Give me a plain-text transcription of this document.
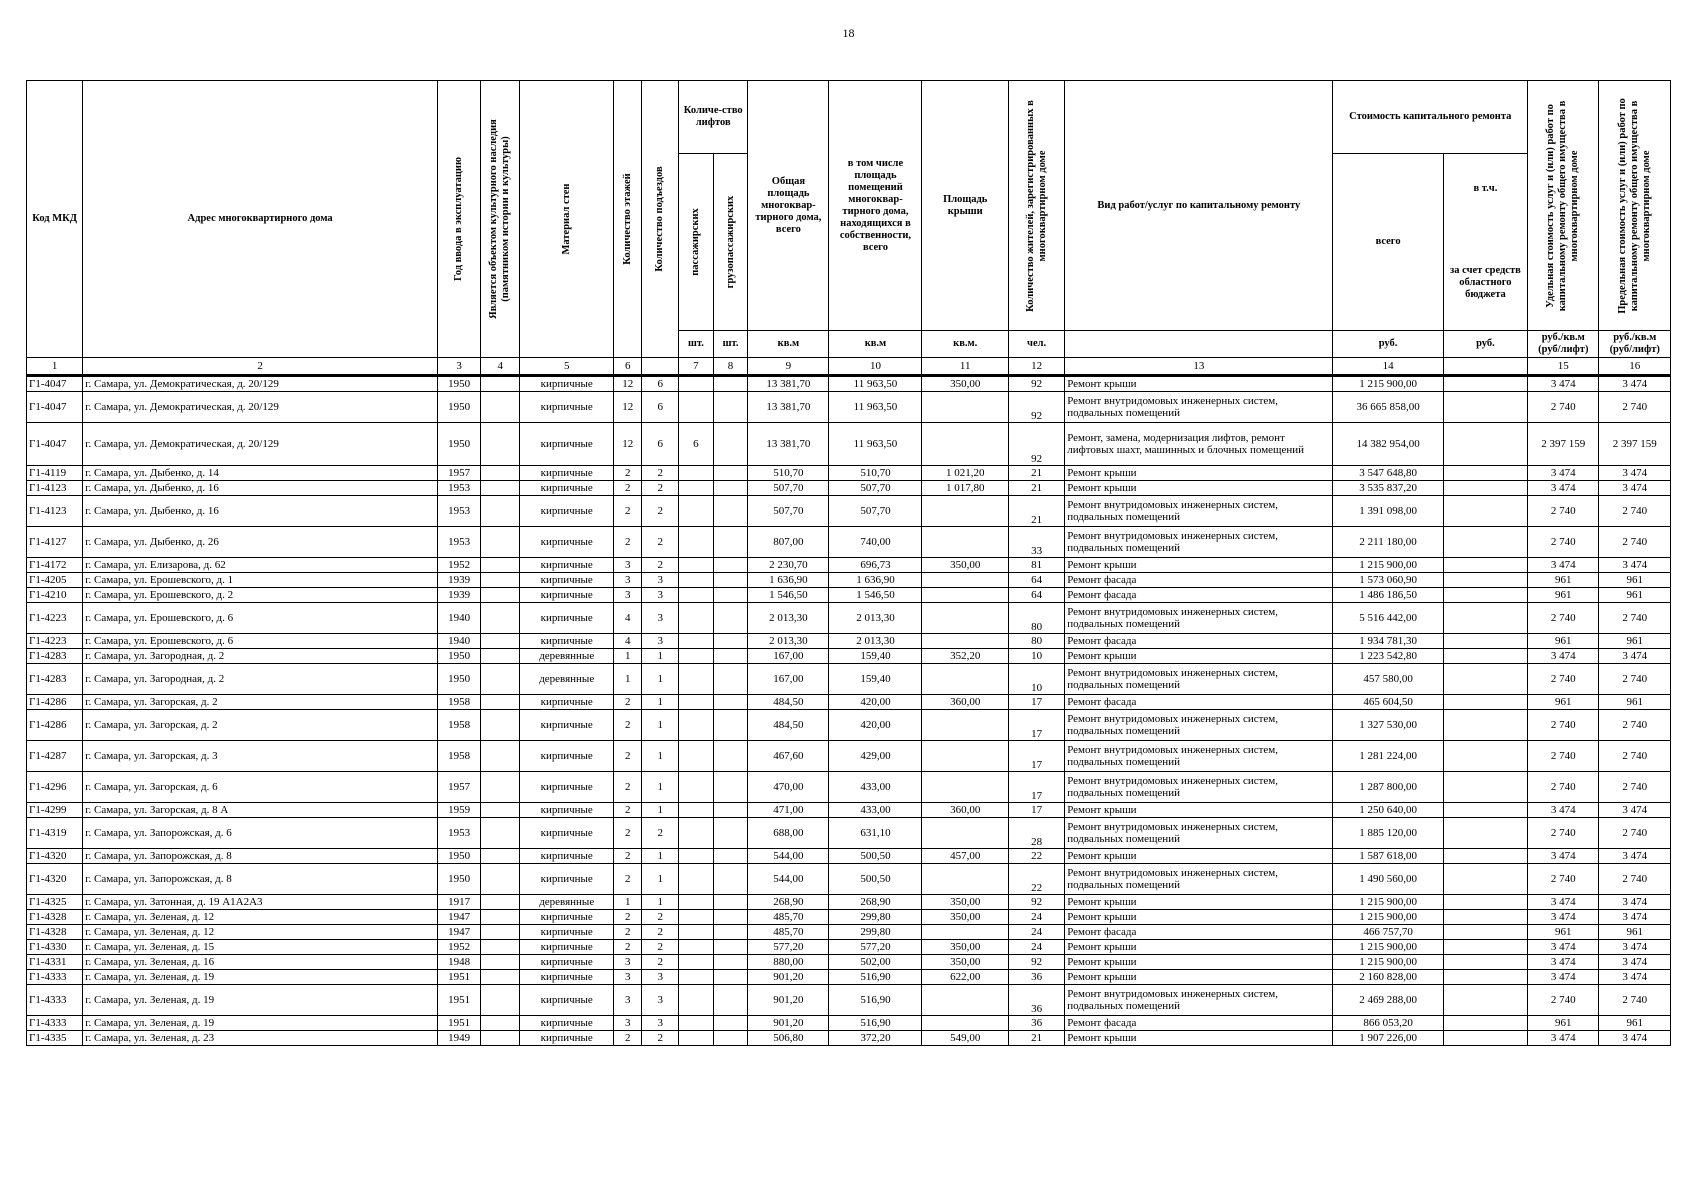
18
Код МКД	Адрес многоквартирного дома	Год ввода в эксплуатацию	Является объектом культурного наследия (памятником истории и культуры)	Материал стен	Количество этажей	Количество подъездов	Количе-ство лифтов		Общая площадь многоквар-тирного дома, всего	в том числе площадь помещений многоквар-тирного дома, находящихся в собственности, всего	Площадь крыши	Количество жителей, зарегистрированных в многоквартирном доме	Вид работ/услуг по капитальному ремонту	Стоимость капитального ремонта		Удельная стоимость услуг и (или) работ по капитальному ремонту общего имущества в многоквартирном доме	Предельная стоимость услуг и (или) работ по капитальному ремонту общего имущества в многоквартирном доме

							пассажирских	грузопассажирских						всего	в т.ч.
за счет средств областного бюджета		

							шт.	шт.	кв.м	кв.м	кв.м.	чел.		руб.	руб.	руб./кв.м (руб/лифт)	руб./кв.м (руб/лифт)
1	2	3	4	5	6		7	8	9	10	11	12	13	14		15	16
Г1-4047	г. Самара, ул. Демократическая, д. 20/129	1950		кирпичные	12	6			13 381,70	11 963,50	350,00	92	Ремонт крыши	1 215 900,00		3 474	3 474
Г1-4047	г. Самара, ул. Демократическая, д. 20/129	1950		кирпичные	12	6			13 381,70	11 963,50		92	Ремонт внутридомовых инженерных систем, подвальных помещений	36 665 858,00		2 740	2 740
Г1-4047	г. Самара, ул. Демократическая, д. 20/129	1950		кирпичные	12	6	6		13 381,70	11 963,50		92	Ремонт, замена, модернизация лифтов, ремонт лифтовых шахт, машинных и блочных помещений	14 382 954,00		2 397 159	2 397 159
Г1-4119	г. Самара, ул. Дыбенко, д. 14	1957		кирпичные	2	2			510,70	510,70	1 021,20	21	Ремонт крыши	3 547 648,80		3 474	3 474
Г1-4123	г. Самара, ул. Дыбенко, д. 16	1953		кирпичные	2	2			507,70	507,70	1 017,80	21	Ремонт крыши	3 535 837,20		3 474	3 474
Г1-4123	г. Самара, ул. Дыбенко, д. 16	1953		кирпичные	2	2			507,70	507,70		21	Ремонт внутридомовых инженерных систем, подвальных помещений	1 391 098,00		2 740	2 740
Г1-4127	г. Самара, ул. Дыбенко, д. 26	1953		кирпичные	2	2			807,00	740,00		33	Ремонт внутридомовых инженерных систем, подвальных помещений	2 211 180,00		2 740	2 740
Г1-4172	г. Самара, ул. Елизарова, д. 62	1952		кирпичные	3	2			2 230,70	696,73	350,00	81	Ремонт крыши	1 215 900,00		3 474	3 474
Г1-4205	г. Самара, ул. Ерошевского, д. 1	1939		кирпичные	3	3			1 636,90	1 636,90		64	Ремонт фасада	1 573 060,90		961	961
Г1-4210	г. Самара, ул. Ерошевского, д. 2	1939		кирпичные	3	3			1 546,50	1 546,50		64	Ремонт фасада	1 486 186,50		961	961
Г1-4223	г. Самара, ул. Ерошевского, д. 6	1940		кирпичные	4	3			2 013,30	2 013,30		80	Ремонт внутридомовых инженерных систем, подвальных помещений	5 516 442,00		2 740	2 740
Г1-4223	г. Самара, ул. Ерошевского, д. 6	1940		кирпичные	4	3			2 013,30	2 013,30		80	Ремонт фасада	1 934 781,30		961	961
Г1-4283	г. Самара, ул. Загородная, д. 2	1950		деревянные	1	1			167,00	159,40	352,20	10	Ремонт крыши	1 223 542,80		3 474	3 474
Г1-4283	г. Самара, ул. Загородная, д. 2	1950		деревянные	1	1			167,00	159,40		10	Ремонт внутридомовых инженерных систем, подвальных помещений	457 580,00		2 740	2 740
Г1-4286	г. Самара, ул. Загорская, д. 2	1958		кирпичные	2	1			484,50	420,00	360,00	17	Ремонт фасада	465 604,50		961	961
Г1-4286	г. Самара, ул. Загорская, д. 2	1958		кирпичные	2	1			484,50	420,00		17	Ремонт внутридомовых инженерных систем, подвальных помещений	1 327 530,00		2 740	2 740
Г1-4287	г. Самара, ул. Загорская, д. 3	1958		кирпичные	2	1			467,60	429,00		17	Ремонт внутридомовых инженерных систем, подвальных помещений	1 281 224,00		2 740	2 740
Г1-4296	г. Самара, ул. Загорская, д. 6	1957		кирпичные	2	1			470,00	433,00		17	Ремонт внутридомовых инженерных систем, подвальных помещений	1 287 800,00		2 740	2 740
Г1-4299	г. Самара, ул. Загорская, д. 8 А	1959		кирпичные	2	1			471,00	433,00	360,00	17	Ремонт крыши	1 250 640,00		3 474	3 474
Г1-4319	г. Самара, ул. Запорожская, д. 6	1953		кирпичные	2	2			688,00	631,10		28	Ремонт внутридомовых инженерных систем, подвальных помещений	1 885 120,00		2 740	2 740
Г1-4320	г. Самара, ул. Запорожская, д. 8	1950		кирпичные	2	1			544,00	500,50	457,00	22	Ремонт крыши	1 587 618,00		3 474	3 474
Г1-4320	г. Самара, ул. Запорожская, д. 8	1950		кирпичные	2	1			544,00	500,50		22	Ремонт внутридомовых инженерных систем, подвальных помещений	1 490 560,00		2 740	2 740
Г1-4325	г. Самара, ул. Затонная, д. 19 А1А2А3	1917		деревянные	1	1			268,90	268,90	350,00	92	Ремонт крыши	1 215 900,00		3 474	3 474
Г1-4328	г. Самара, ул. Зеленая, д. 12	1947		кирпичные	2	2			485,70	299,80	350,00	24	Ремонт крыши	1 215 900,00		3 474	3 474
Г1-4328	г. Самара, ул. Зеленая, д. 12	1947		кирпичные	2	2			485,70	299,80		24	Ремонт фасада	466 757,70		961	961
Г1-4330	г. Самара, ул. Зеленая, д. 15	1952		кирпичные	2	2			577,20	577,20	350,00	24	Ремонт крыши	1 215 900,00		3 474	3 474
Г1-4331	г. Самара, ул. Зеленая, д. 16	1948		кирпичные	3	2			880,00	502,00	350,00	92	Ремонт крыши	1 215 900,00		3 474	3 474
Г1-4333	г. Самара, ул. Зеленая, д. 19	1951		кирпичные	3	3			901,20	516,90	622,00	36	Ремонт крыши	2 160 828,00		3 474	3 474
Г1-4333	г. Самара, ул. Зеленая, д. 19	1951		кирпичные	3	3			901,20	516,90		36	Ремонт внутридомовых инженерных систем, подвальных помещений	2 469 288,00		2 740	2 740
Г1-4333	г. Самара, ул. Зеленая, д. 19	1951		кирпичные	3	3			901,20	516,90		36	Ремонт фасада	866 053,20		961	961
Г1-4335	г. Самара, ул. Зеленая, д. 23	1949		кирпичные	2	2			506,80	372,20	549,00	21	Ремонт крыши	1 907 226,00		3 474	3 474
